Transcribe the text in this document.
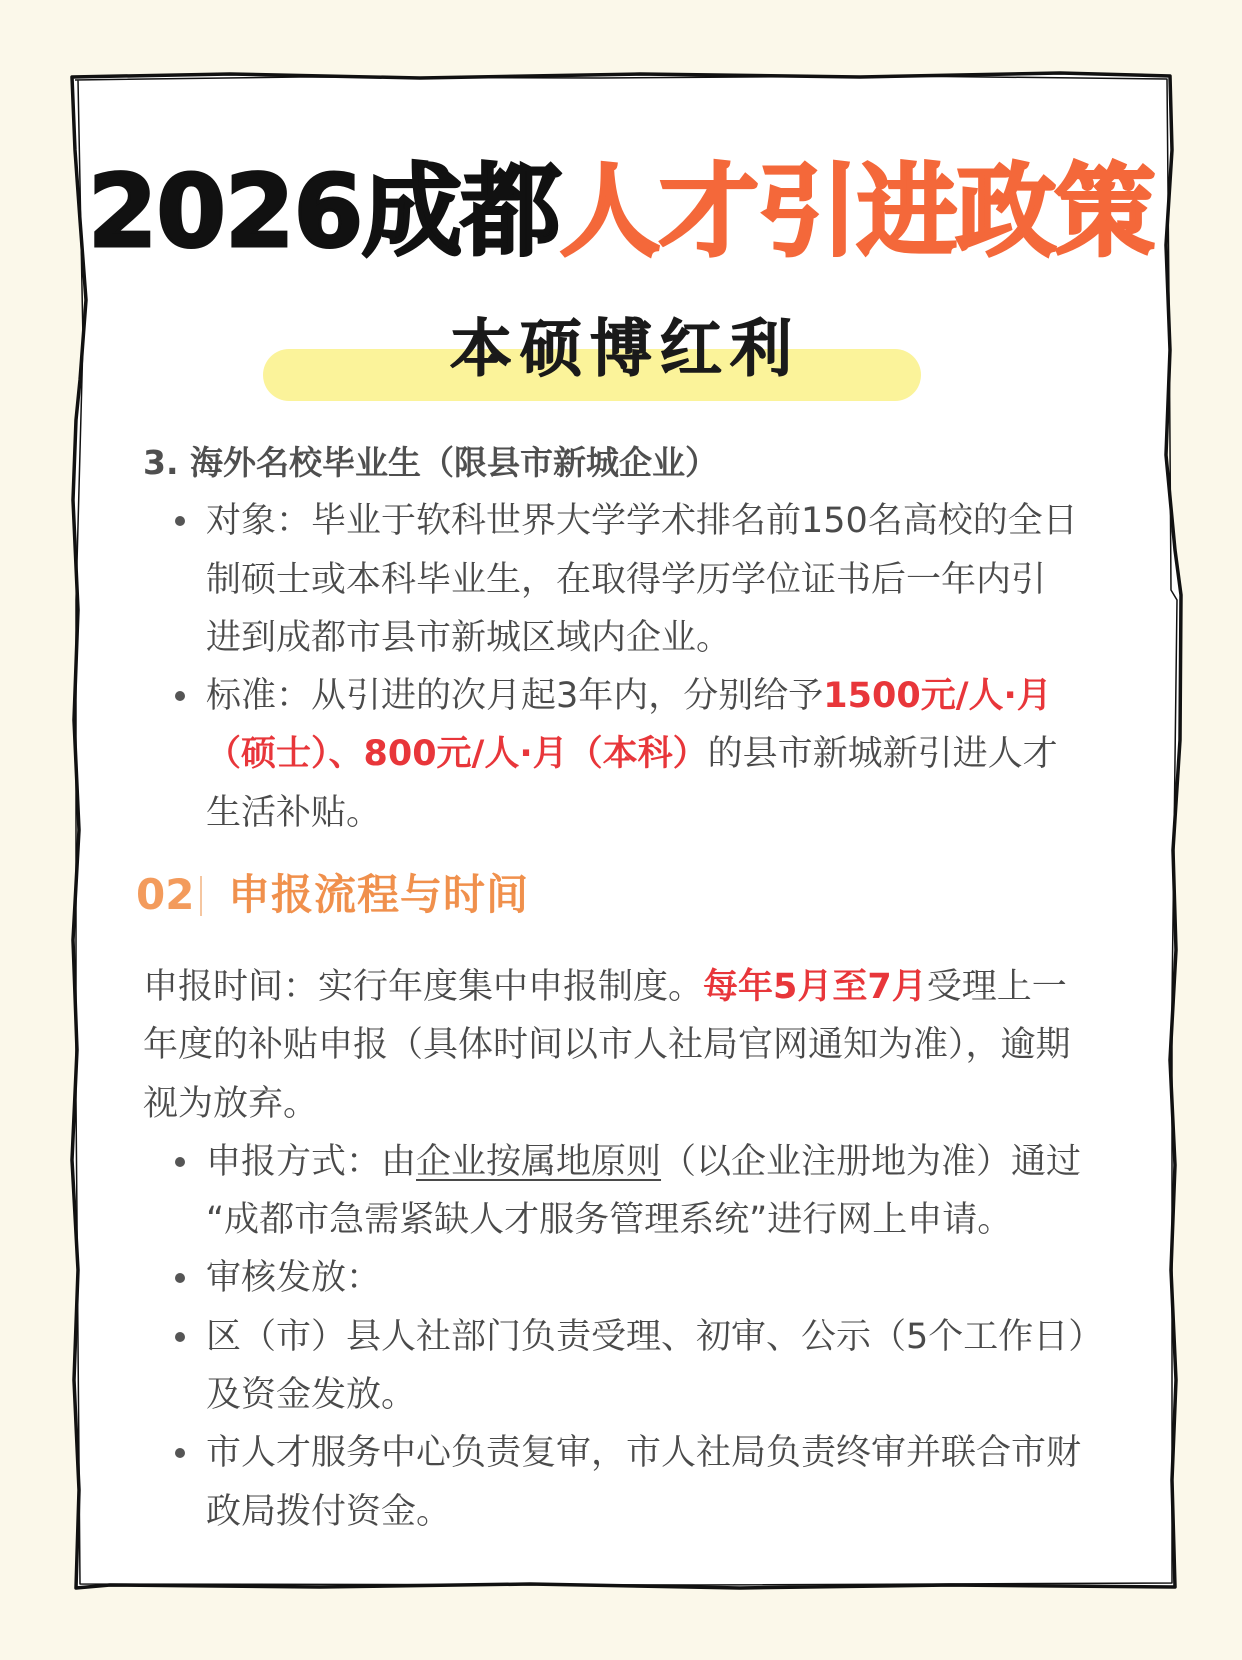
2026成都人才引进政策
本硕博红利
3. 海外名校毕业生（限县市新城企业）
对象：毕业于软科世界大学学术排名前150名高校的全日
制硕士或本科毕业生，在取得学历学位证书后一年内引
进到成都市县市新城区域内企业。
标准：从引进的次月起3年内，分别给予1500元/人·月
（硕士）、800元/人·月（本科）的县市新城新引进人才
生活补贴。
02 申报流程与时间
申报时间：实行年度集中申报制度。每年5月至7月受理上一
年度的补贴申报（具体时间以市人社局官网通知为准），逾期
视为放弃。
申报方式：由企业按属地原则（以企业注册地为准）通过
“成都市急需紧缺人才服务管理系统”进行网上申请。
审核发放：
区（市）县人社部门负责受理、初审、公示（5个工作日）
及资金发放。
市人才服务中心负责复审，市人社局负责终审并联合市财
政局拨付资金。
